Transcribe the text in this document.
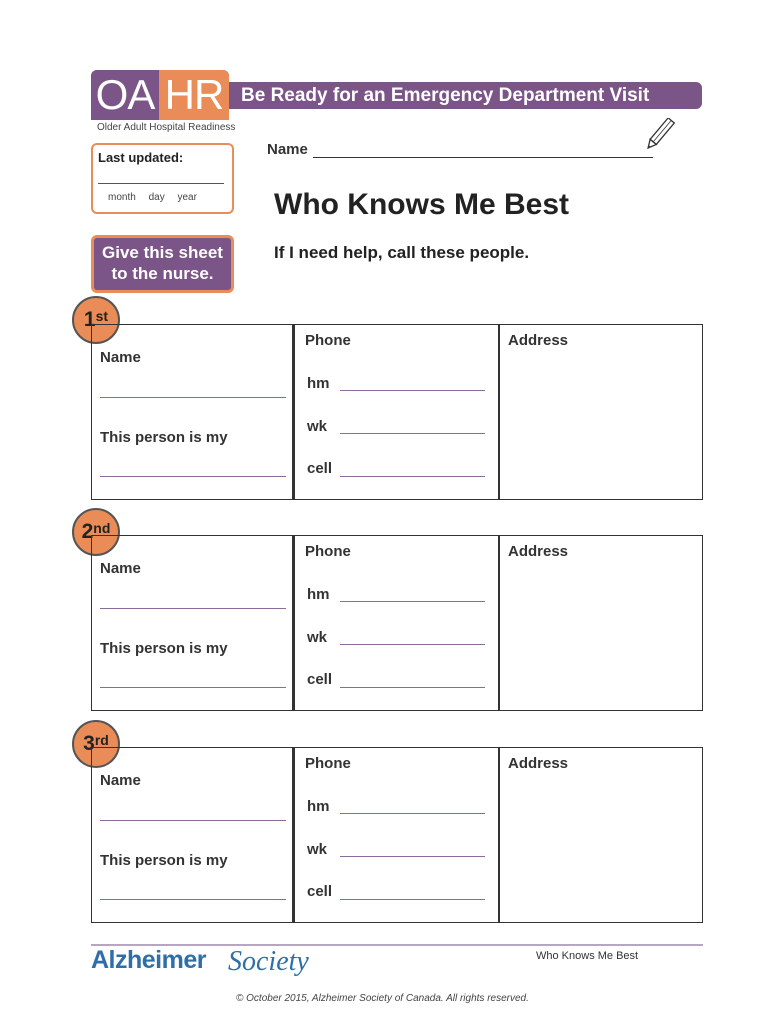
OA HR Be Ready for an Emergency Department Visit
Older Adult Hospital Readiness
Last updated:
month day year
Name
Who Knows Me Best
If I need help, call these people.
Give this sheet to the nurse.
1st
Name
This person is my
Phone
hm
wk
cell
Address
2nd
Name
This person is my
Phone
hm
wk
cell
Address
3rd
Name
This person is my
Phone
hm
wk
cell
Address
Alzheimer Society	Who Knows Me Best
© October 2015, Alzheimer Society of Canada. All rights reserved.
